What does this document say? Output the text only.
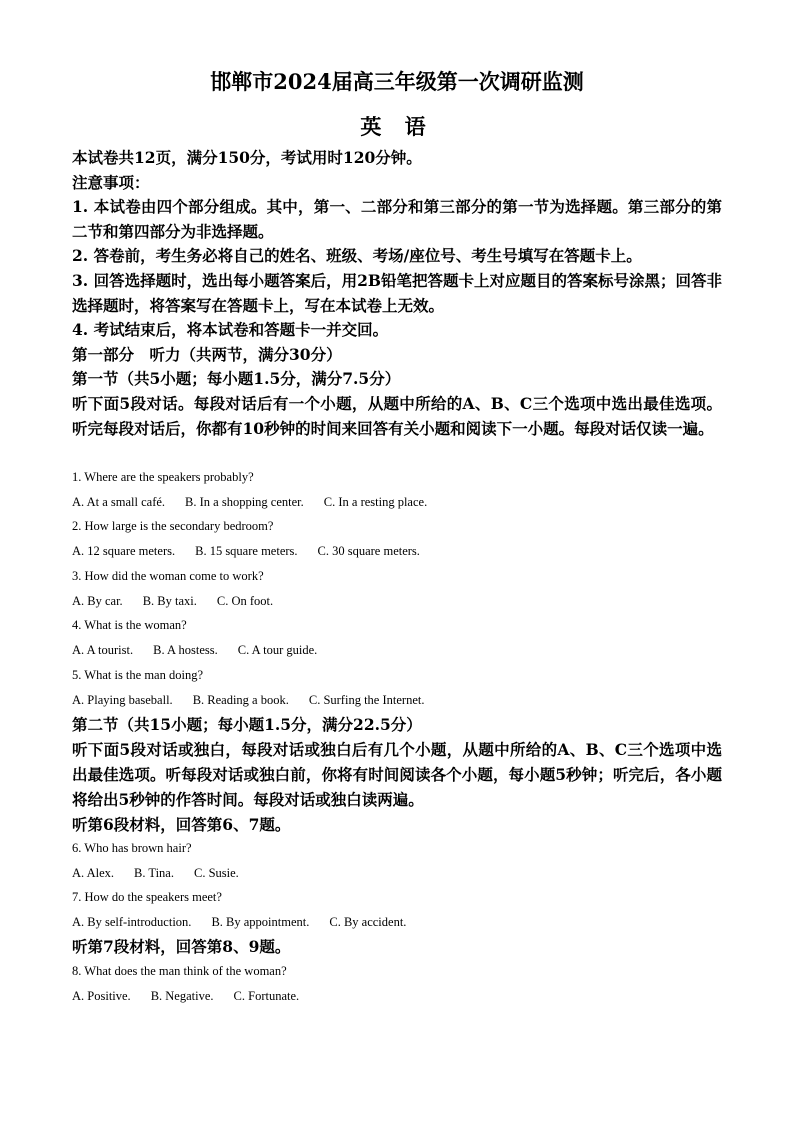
邯郸市2024届高三年级第一次调研监测
英 语
本试卷共12页，满分150分，考试用时120分钟。
注意事项：
1. 本试卷由四个部分组成。其中，第一、二部分和第三部分的第一节为选择题。第三部分的第二节和第四部分为非选择题。
2. 答卷前，考生务必将自己的姓名、班级、考场/座位号、考生号填写在答题卡上。
3. 回答选择题时，选出每小题答案后，用2B铅笔把答题卡上对应题目的答案标号涂黑；回答非选择题时，将答案写在答题卡上，写在本试卷上无效。
4. 考试结束后，将本试卷和答题卡一并交回。
第一部分　听力（共两节，满分30分）
第一节（共5小题；每小题1.5分，满分7.5分）
听下面5段对话。每段对话后有一个小题，从题中所给的A、B、C三个选项中选出最佳选项。听完每段对话后，你都有10秒钟的时间来回答有关小题和阅读下一小题。每段对话仅读一遍。
1. Where are the speakers probably?
A. At a small café. B. In a shopping center. C. In a resting place.
2. How large is the secondary bedroom?
A. 12 square meters. B. 15 square meters. C. 30 square meters.
3. How did the woman come to work?
A. By car. B. By taxi. C. On foot.
4. What is the woman?
A. A tourist. B. A hostess. C. A tour guide.
5. What is the man doing?
A. Playing baseball. B. Reading a book. C. Surfing the Internet.
第二节（共15小题；每小题1.5分，满分22.5分）
听下面5段对话或独白，每段对话或独白后有几个小题，从题中所给的A、B、C三个选项中选出最佳选项。听每段对话或独白前，你将有时间阅读各个小题，每小题5秒钟；听完后，各小题将给出5秒钟的作答时间。每段对话或独白读两遍。
听第6段材料，回答第6、7题。
6. Who has brown hair?
A. Alex. B. Tina. C. Susie.
7. How do the speakers meet?
A. By self-introduction. B. By appointment. C. By accident.
听第7段材料，回答第8、9题。
8. What does the man think of the woman?
A. Positive. B. Negative. C. Fortunate.
